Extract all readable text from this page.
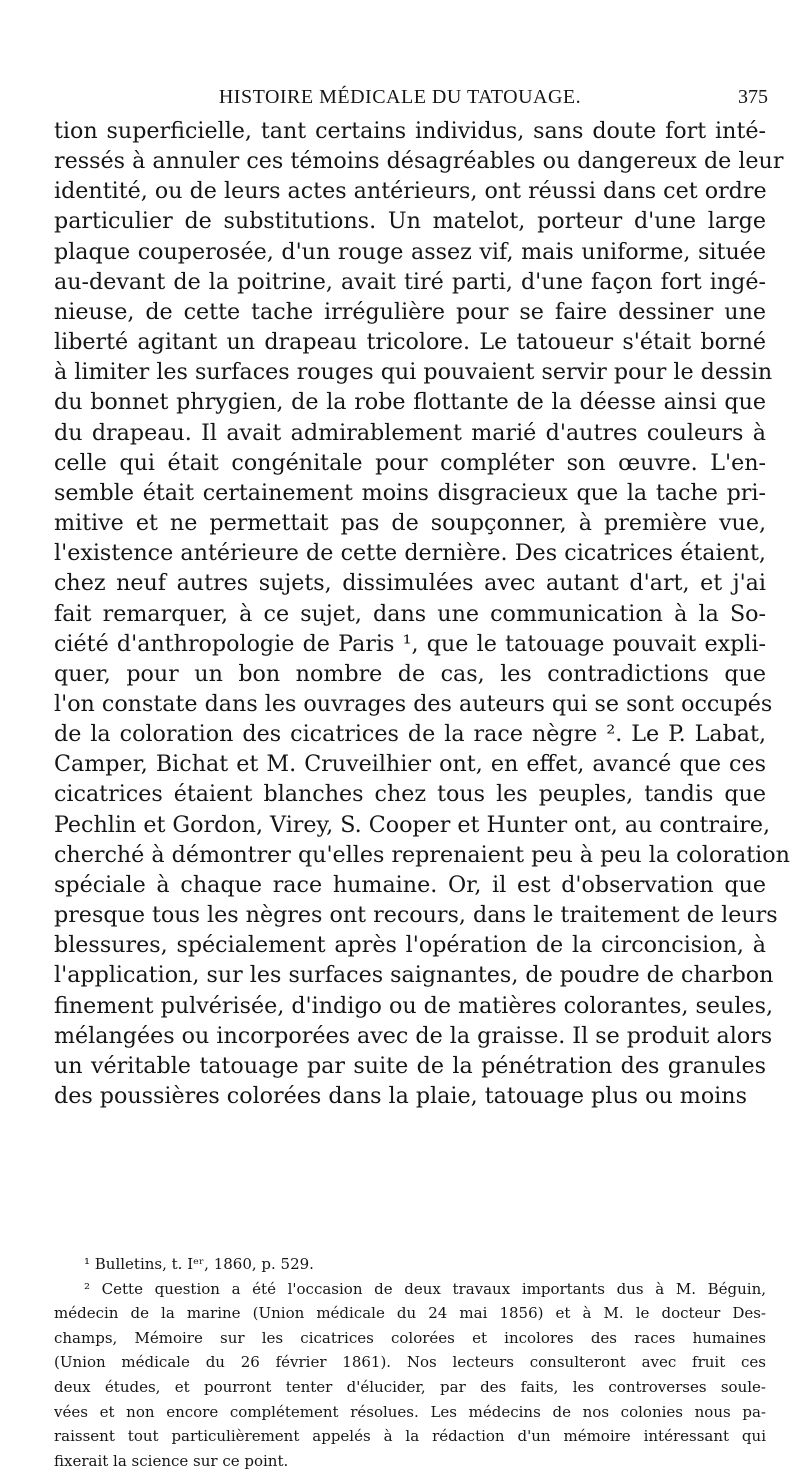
HISTOIRE MÉDICALE DU TATOUAGE.	375
tion superficielle, tant certains individus, sans doute fort inté-
ressés à annuler ces témoins désagréables ou dangereux de leur
identité, ou de leurs actes antérieurs, ont réussi dans cet ordre
particulier de substitutions. Un matelot, porteur d'une large
plaque couperosée, d'un rouge assez vif, mais uniforme, située
au-devant de la poitrine, avait tiré parti, d'une façon fort ingé-
nieuse, de cette tache irrégulière pour se faire dessiner une
liberté agitant un drapeau tricolore. Le tatoueur s'était borné
à limiter les surfaces rouges qui pouvaient servir pour le dessin
du bonnet phrygien, de la robe flottante de la déesse ainsi que
du drapeau. Il avait admirablement marié d'autres couleurs à
celle qui était congénitale pour compléter son œuvre. L'en-
semble était certainement moins disgracieux que la tache pri-
mitive et ne permettait pas de soupçonner, à première vue,
l'existence antérieure de cette dernière. Des cicatrices étaient,
chez neuf autres sujets, dissimulées avec autant d'art, et j'ai
fait remarquer, à ce sujet, dans une communication à la So-
ciété d'anthropologie de Paris ¹, que le tatouage pouvait expli-
quer, pour un bon nombre de cas, les contradictions que
l'on constate dans les ouvrages des auteurs qui se sont occupés
de la coloration des cicatrices de la race nègre ². Le P. Labat,
Camper, Bichat et M. Cruveilhier ont, en effet, avancé que ces
cicatrices étaient blanches chez tous les peuples, tandis que
Pechlin et Gordon, Virey, S. Cooper et Hunter ont, au contraire,
cherché à démontrer qu'elles reprenaient peu à peu la coloration
spéciale à chaque race humaine. Or, il est d'observation que
presque tous les nègres ont recours, dans le traitement de leurs
blessures, spécialement après l'opération de la circoncision, à
l'application, sur les surfaces saignantes, de poudre de charbon
finement pulvérisée, d'indigo ou de matières colorantes, seules,
mélangées ou incorporées avec de la graisse. Il se produit alors
un véritable tatouage par suite de la pénétration des granules
des poussières colorées dans la plaie, tatouage plus ou moins
¹ Bulletins, t. Iᵉʳ, 1860, p. 529.
² Cette question a été l'occasion de deux travaux importants dus à M. Béguin,
médecin de la marine (Union médicale du 24 mai 1856) et à M. le docteur Des-
champs, Mémoire sur les cicatrices colorées et incolores des races humaines
(Union médicale du 26 février 1861). Nos lecteurs consulteront avec fruit ces
deux études, et pourront tenter d'élucider, par des faits, les controverses soule-
vées et non encore complétement résolues. Les médecins de nos colonies nous pa-
raissent tout particulièrement appelés à la rédaction d'un mémoire intéressant qui
fixerait la science sur ce point.
